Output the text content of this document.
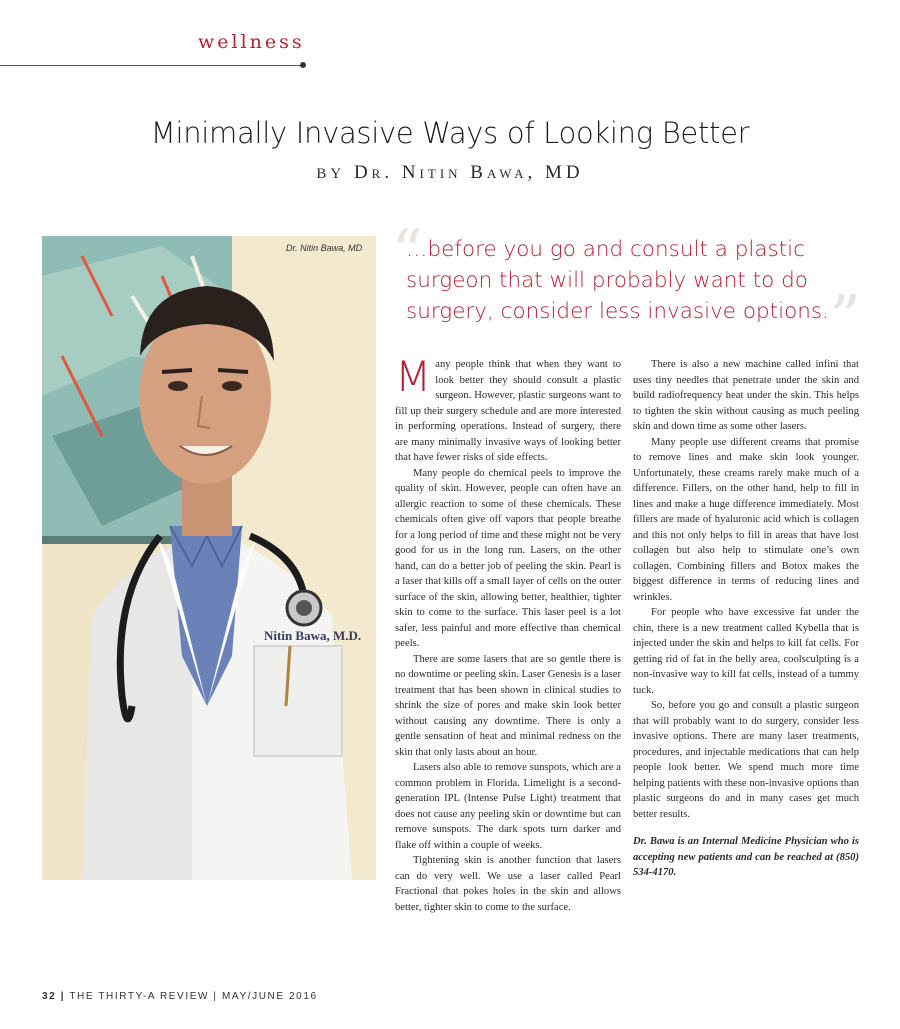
wellness
Minimally Invasive Ways of Looking Better
BY Dr. Nitin Bawa, MD
Nitin Bawa, M.D.
Dr. Nitin Bawa, MD “
…before you go and consult a plastic surgeon that will probably want to do surgery, consider less invasive options. ”

Many people think that when they want to look better they should consult a plastic surgeon. However, plastic surgeons want to fill up their surgery schedule and are more interested in performing operations. Instead of surgery, there are many minimally invasive ways of looking better that have fewer risks of side effects.

Many people do chemical peels to improve the quality of skin. However, people can often have an allergic reaction to some of these chemicals. These chemicals often give off vapors that people breathe for a long period of time and these might not be very good for us in the long run. Lasers, on the other hand, can do a better job of peeling the skin. Pearl is a laser that kills off a small layer of cells on the outer surface of the skin, allowing better, healthier, tighter skin to come to the surface. This laser peel is a lot safer, less painful and more effective than chemical peels.

There are some lasers that are so gentle there is no downtime or peeling skin. Laser Genesis is a laser treatment that has been shown in clinical studies to shrink the size of pores and make skin look better without causing any downtime. There is only a gentle sensation of heat and minimal redness on the skin that only lasts about an hour.

Lasers also able to remove sunspots, which are a common problem in Florida. Limelight is a second- generation IPL (Intense Pulse Light) treatment that does not cause any peeling skin or downtime but can remove sunspots. The dark spots turn darker and flake off within a couple of weeks.

Tightening skin is another function that lasers can do very well. We use a laser called Pearl Fractional that pokes holes in the skin and allows better, tighter skin to come to the surface.

There is also a new machine called infini that uses tiny needles that penetrate under the skin and build radiofrequency heat under the skin. This helps to tighten the skin without causing as much peeling skin and down time as some other lasers.

Many people use different creams that promise to remove lines and make skin look younger. Unfortunately, these creams rarely make much of a difference. Fillers, on the other hand, help to fill in lines and make a huge difference immediately. Most fillers are made of hyaluronic acid which is collagen and this not only helps to fill in areas that have lost collagen but also help to stimulate one’s own collagen. Combining fillers and Botox makes the biggest difference in terms of reducing lines and wrinkles.

For people who have excessive fat under the chin, there is a new treatment called Kybella that is injected under the skin and helps to kill fat cells. For getting rid of fat in the belly area, coolsculpting is a non-invasive way to kill fat cells, instead of a tummy tuck.

So, before you go and consult a plastic surgeon that will probably want to do surgery, consider less invasive options. There are many laser treatments, procedures, and injectable medications that can help people look better. We spend much more time helping patients with these non-invasive options than plastic surgeons do and in many cases get much better results.

Dr. Bawa is an Internal Medicine Physician who is accepting new patients and can be reached at (850) 534-4170.

32 | THE THIRTY-A REVIEW | MAY/JUNE 2016
